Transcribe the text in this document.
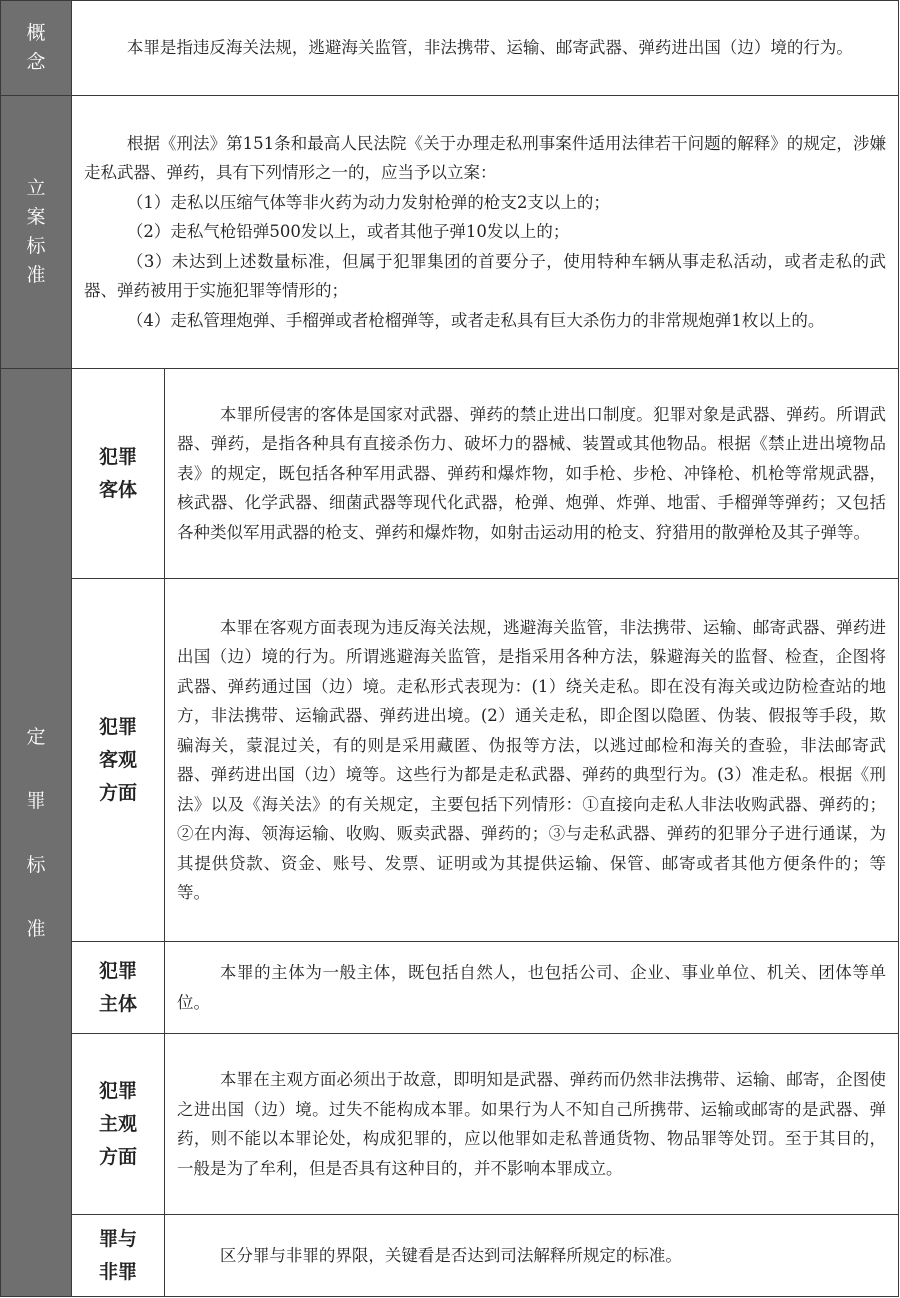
概念	本罪是指违反海关法规，逃避海关监管，非法携带、运输、邮寄武器、弹药进出国（边）境的行为。	

立案标准	根据《刑法》第151条和最高人民法院《关于办理走私刑事案件适用法律若干问题的解释》的规定，涉嫌走私武器、弹药，具有下列情形之一的，应当予以立案：

（1）走私以压缩气体等非火药为动力发射枪弹的枪支2支以上的；

（2）走私气枪铅弹500发以上，或者其他子弹10发以上的；

（3）未达到上述数量标准，但属于犯罪集团的首要分子，使用特种车辆从事走私活动，或者走私的武器、弹药被用于实施犯罪等情形的；

（4）走私管理炮弹、手榴弹或者枪榴弹等，或者走私具有巨大杀伤力的非常规炮弹1枚以上的。	

定罪标准	犯罪客体	本罪所侵害的客体是国家对武器、弹药的禁止进出口制度。犯罪对象是武器、弹药。所谓武器、弹药，是指各种具有直接杀伤力、破坏力的器械、装置或其他物品。根据《禁止进出境物品表》的规定，既包括各种军用武器、弹药和爆炸物，如手枪、步枪、冲锋枪、机枪等常规武器，核武器、化学武器、细菌武器等现代化武器，枪弹、炮弹、炸弹、地雷、手榴弹等弹药；又包括各种类似军用武器的枪支、弹药和爆炸物，如射击运动用的枪支、狩猎用的散弹枪及其子弹等。

	犯罪客观方面	本罪在客观方面表现为违反海关法规，逃避海关监管，非法携带、运输、邮寄武器、弹药进出国（边）境的行为。所谓逃避海关监管，是指采用各种方法，躲避海关的监督、检查，企图将武器、弹药通过国（边）境。走私形式表现为：(1）绕关走私。即在没有海关或边防检查站的地方，非法携带、运输武器、弹药进出境。(2）通关走私，即企图以隐匿、伪装、假报等手段，欺骗海关，蒙混过关，有的则是采用藏匿、伪报等方法，以逃过邮检和海关的查验，非法邮寄武器、弹药进出国（边）境等。这些行为都是走私武器、弹药的典型行为。(3）准走私。根据《刑法》以及《海关法》的有关规定，主要包括下列情形：①直接向走私人非法收购武器、弹药的；②在内海、领海运输、收购、贩卖武器、弹药的；③与走私武器、弹药的犯罪分子进行通谋，为其提供贷款、资金、账号、发票、证明或为其提供运输、保管、邮寄或者其他方便条件的；等等。

	犯罪主体	本罪的主体为一般主体，既包括自然人，也包括公司、企业、事业单位、机关、团体等单位。

	犯罪主观方面	本罪在主观方面必须出于故意，即明知是武器、弹药而仍然非法携带、运输、邮寄，企图使之进出国（边）境。过失不能构成本罪。如果行为人不知自己所携带、运输或邮寄的是武器、弹药，则不能以本罪论处，构成犯罪的，应以他罪如走私普通货物、物品罪等处罚。至于其目的，一般是为了牟利，但是否具有这种目的，并不影响本罪成立。

	罪与非罪	区分罪与非罪的界限，关键看是否达到司法解释所规定的标准。
